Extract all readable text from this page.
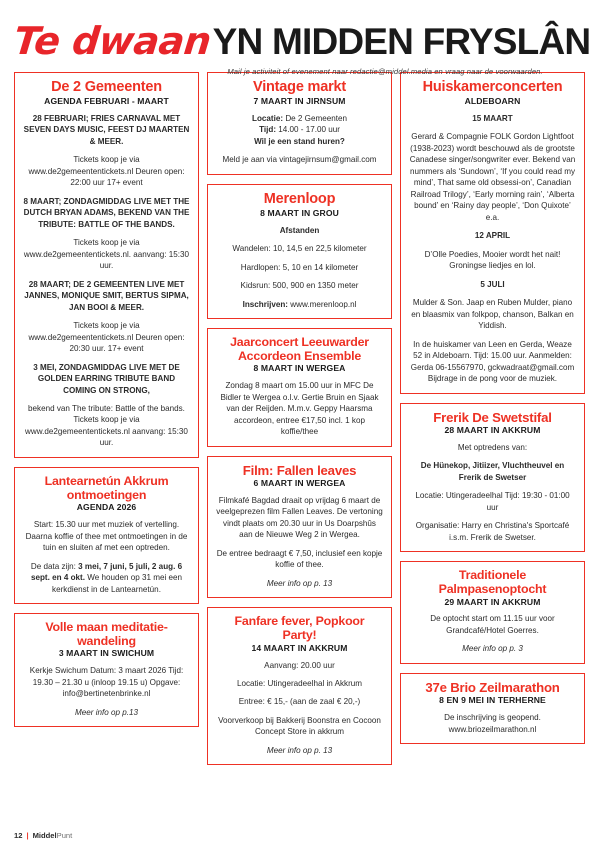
Te dwaan YN MIDDEN FRYSLÂN
Mail je activiteit of evenement naar redactie@middel.media en vraag naar de voorwaarden.
De 2 Gemeenten
AGENDA FEBRUARI - MAART

28 FEBRUARI; FRIES CARNAVAL MET SEVEN DAYS MUSIC, FEEST DJ MAARTEN & MEER.

Tickets koop je via www.de2gemeententickets.nl Deuren open: 22:00 uur 17+ event

8 MAART; ZONDAGMIDDAG LIVE MET THE DUTCH BRYAN ADAMS, BEKEND VAN THE TRIBUTE: BATTLE OF THE BANDS.

Tickets koop je via www.de2gemeententickets.nl. aanvang: 15:30 uur.

28 MAART; DE 2 GEMEENTEN LIVE MET JANNES, MONIQUE SMIT, BERTUS SIPMA, JAN BOOI & MEER.

Tickets koop je via www.de2gemeententickets.nl Deuren open: 20:30 uur. 17+ event

3 MEI, ZONDAGMIDDAG LIVE MET DE GOLDEN EARRING TRIBUTE BAND COMING ON STRONG,

bekend van The tribute: Battle of the bands. Tickets koop je via www.de2gemeententickets.nl aanvang: 15:30 uur.

Lantearnetún Akkrum ontmoetingen
AGENDA 2026

Start: 15.30 uur met muziek of vertelling. Daarna koffie of thee met ontmoetingen in de tuin en sluiten af met een optreden.

De data zijn: 3 mei, 7 juni, 5 juli, 2 aug. 6 sept. en 4 okt. We houden op 31 mei een kerkdienst in de Lantearnetún.

Volle maan meditatie-wandeling
3 MAART IN SWICHUM

Kerkje Swichum Datum: 3 maart 2026 Tijd: 19.30 – 21.30 u (inloop 19.15 u) Opgave: info@bertinetenbrinke.nl

Meer info op p.13

Vintage markt
7 MAART IN JIRNSUM

Locatie: De 2 Gemeenten

Tijd: 14.00 - 17.00 uur

Wil je een stand huren?

Meld je aan via vintagejirnsum@gmail.com

Merenloop
8 MAART IN GROU

Afstanden

Wandelen: 10, 14,5 en 22,5 kilometer

Hardlopen: 5, 10 en 14 kilometer

Kidsrun: 500, 900 en 1350 meter

Inschrijven: www.merenloop.nl

Jaarconcert Leeuwarder Accordeon Ensemble
8 MAART IN WERGEA

Zondag 8 maart om 15.00 uur in MFC De Bidler te Wergea o.l.v. Gertie Bruin en Sjaak van der Reijden. M.m.v. Geppy Haarsma accordeon, entree €17,50 incl. 1 kop koffie/thee

Film: Fallen leaves
6 MAART IN WERGEA

Filmkafé Bagdad draait op vrijdag 6 maart de veelgeprezen film Fallen Leaves. De vertoning vindt plaats om 20.30 uur in Us Doarpshûs aan de Nieuwe Weg 2 in Wergea.

De entree bedraagt € 7,50, inclusief een kopje koffie of thee.

Meer info op p. 13

Fanfare fever, Popkoor Party!
14 MAART IN AKKRUM

Aanvang: 20.00 uur

Locatie: Utingeradeelhal in Akkrum

Entree: € 15,- (aan de zaal € 20,-)

Voorverkoop bij Bakkerij Boonstra en Cocoon Concept Store in akkrum

Meer info op p. 13

Huiskamerconcerten
ALDEBOARN

15 MAART

Gerard & Compagnie FOLK Gordon Lightfoot (1938-2023) wordt beschouwd als de grootste Canadese singer/songwriter ever. Bekend van nummers als ‘Sundown’, ‘If you could read my mind’, That same old obsessi-on’, Canadian Railroad Trilogy’, ‘Early morning rain’, ‘Alberta bound’ en ‘Rainy day people’, ‘Don Quixote’ e.a.

12 APRIL

D’Olle Poedies, Mooier wordt het nait! Groningse liedjes en lol.

5 JULI

Mulder & Son. Jaap en Ruben Mulder, piano en blaasmix van folkpop, chanson, Balkan en Yiddish.

In de huiskamer van Leen en Gerda, Weaze 52 in Aldeboarn. Tijd: 15.00 uur. Aanmelden: Gerda 06-15567970, gckwadraat@gmail.com Bijdrage in de pong voor de muziek.

Frerik De Swetstifal
28 MAART IN AKKRUM

Met optredens van:

De Hünekop, Jitiizer, Vluchtheuvel en Frerik de Swetser

Locatie: Utingeradeelhal Tijd: 19:30 - 01:00 uur

Organisatie: Harry en Christina's Sportcafé i.s.m. Frerik de Swetser.

Traditionele Palmpasenoptocht
29 MAART IN AKKRUM

De optocht start om 11.15 uur voor Grandcafé/Hotel Goerres.

Meer info op p. 3

37e Brio Zeilmarathon
8 EN 9 MEI IN TERHERNE

De inschrijving is geopend. www.briozeilmarathon.nl

12 | MiddelPunt
